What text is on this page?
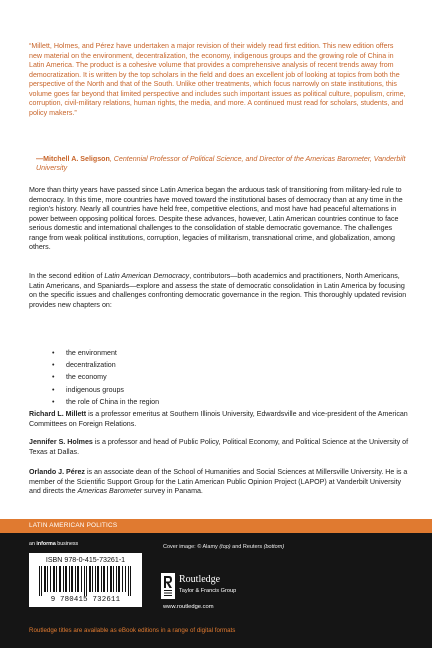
“Millett, Holmes, and Pérez have undertaken a major revision of their widely read first edition. This new edition offers new material on the environment, decentralization, the economy, indigenous groups and the growing role of China in Latin America. The product is a cohesive volume that provides a comprehensive analysis of recent trends away from democratization. It is written by the top scholars in the field and does an excellent job of looking at topics from both the perspective of the North and that of the South. Unlike other treatments, which focus narrowly on state institutions, this volume goes far beyond that limited perspective and includes such important issues as political culture, populism, crime, corruption, civil-military relations, human rights, the media, and more. A continued must read for scholars, students, and policy makers.”

—Mitchell A. Seligson, Centennial Professor of Political Science, and Director of the Americas Barometer, Vanderbilt University
More than thirty years have passed since Latin America began the arduous task of transitioning from military-led rule to democracy. In this time, more countries have moved toward the institutional bases of democracy than at any time in the region’s history. Nearly all countries have held free, competitive elections, and most have had peaceful alternations in power between opposing political forces. Despite these advances, however, Latin American countries continue to face serious domestic and international challenges to the consolidation of stable democratic governance. The challenges range from weak political institutions, corruption, legacies of militarism, transnational crime, and globalization, among others.
In the second edition of Latin American Democracy, contributors—both academics and practitioners, North Americans, Latin Americans, and Spaniards—explore and assess the state of democratic consolidation in Latin America by focusing on the specific issues and challenges confronting democratic governance in the region. This thoroughly updated revision provides new chapters on:
• the environment
• decentralization
• the economy
• indigenous groups
• the role of China in the region
Richard L. Millett is a professor emeritus at Southern Illinois University, Edwardsville and vice-president of the American Committees on Foreign Relations.
Jennifer S. Holmes is a professor and head of Public Policy, Political Economy, and Political Science at the University of Texas at Dallas.
Orlando J. Pérez is an associate dean of the School of Humanities and Social Sciences at Millersville University. He is a member of the Scientific Support Group for the Latin American Public Opinion Project (LAPOP) at Vanderbilt University and directs the Americas Barometer survey in Panama.
LATIN AMERICAN POLITICS
an informa business
ISBN 978-0-415-73261-1
9 780415 732611
Cover image: © Alamy (top) and Reuters (bottom)
Routledge
Taylor & Francis Group
www.routledge.com
Routledge titles are available as eBook editions in a range of digital formats
